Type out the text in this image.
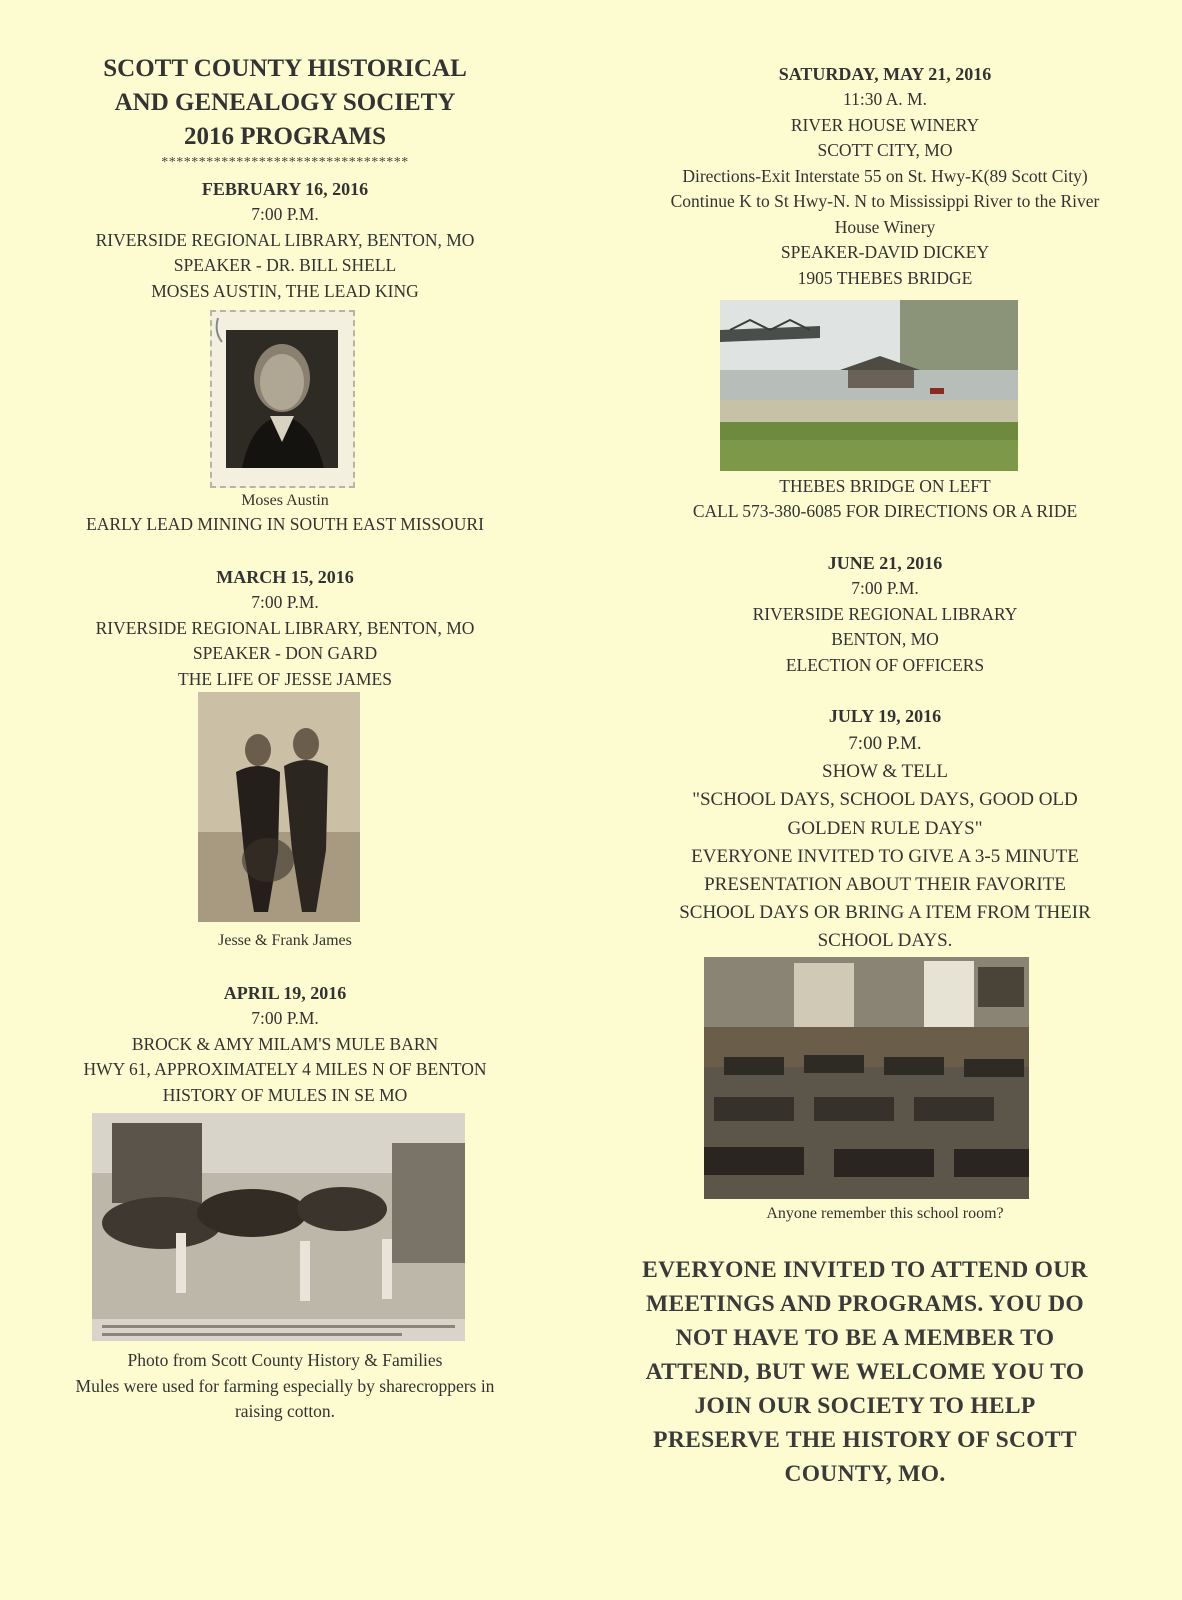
SCOTT COUNTY HISTORICAL
AND GENEALOGY SOCIETY
2016 PROGRAMS
*********************************
FEBRUARY 16, 2016
7:00 P.M.
RIVERSIDE REGIONAL LIBRARY, BENTON, MO
SPEAKER - DR. BILL SHELL
MOSES AUSTIN, THE LEAD KING
Moses Austin
EARLY LEAD MINING IN SOUTH EAST MISSOURI
MARCH 15, 2016
7:00 P.M.
RIVERSIDE REGIONAL LIBRARY, BENTON, MO
SPEAKER - DON GARD
THE LIFE OF JESSE JAMES
Jesse & Frank James
APRIL 19, 2016
7:00 P.M.
BROCK & AMY MILAM'S MULE BARN
HWY 61, APPROXIMATELY 4 MILES N OF BENTON
HISTORY OF MULES IN SE MO
Photo from Scott County History & Families
Mules were used for farming especially by sharecroppers in
raising cotton.
SATURDAY, MAY 21, 2016
11:30 A. M.
RIVER HOUSE WINERY
SCOTT CITY, MO
Directions-Exit Interstate 55 on St. Hwy-K(89 Scott City)
Continue K to St Hwy-N. N to Mississippi River to the River
House Winery
SPEAKER-DAVID DICKEY
1905 THEBES BRIDGE
THEBES BRIDGE ON LEFT
CALL 573-380-6085 FOR DIRECTIONS OR A RIDE
JUNE 21, 2016
7:00 P.M.
RIVERSIDE REGIONAL LIBRARY
BENTON, MO
ELECTION OF OFFICERS
JULY 19, 2016
7:00 P.M.
SHOW & TELL
"SCHOOL DAYS, SCHOOL DAYS, GOOD OLD
GOLDEN RULE DAYS"
EVERYONE INVITED TO GIVE A 3-5 MINUTE
PRESENTATION ABOUT THEIR FAVORITE
SCHOOL DAYS OR BRING A ITEM FROM THEIR
SCHOOL DAYS.
Anyone remember this school room?
EVERYONE INVITED TO ATTEND OUR
MEETINGS AND PROGRAMS. YOU DO
NOT HAVE TO BE A MEMBER TO
ATTEND, BUT WE WELCOME YOU TO
JOIN OUR SOCIETY TO HELP
PRESERVE THE HISTORY OF SCOTT
COUNTY, MO.
